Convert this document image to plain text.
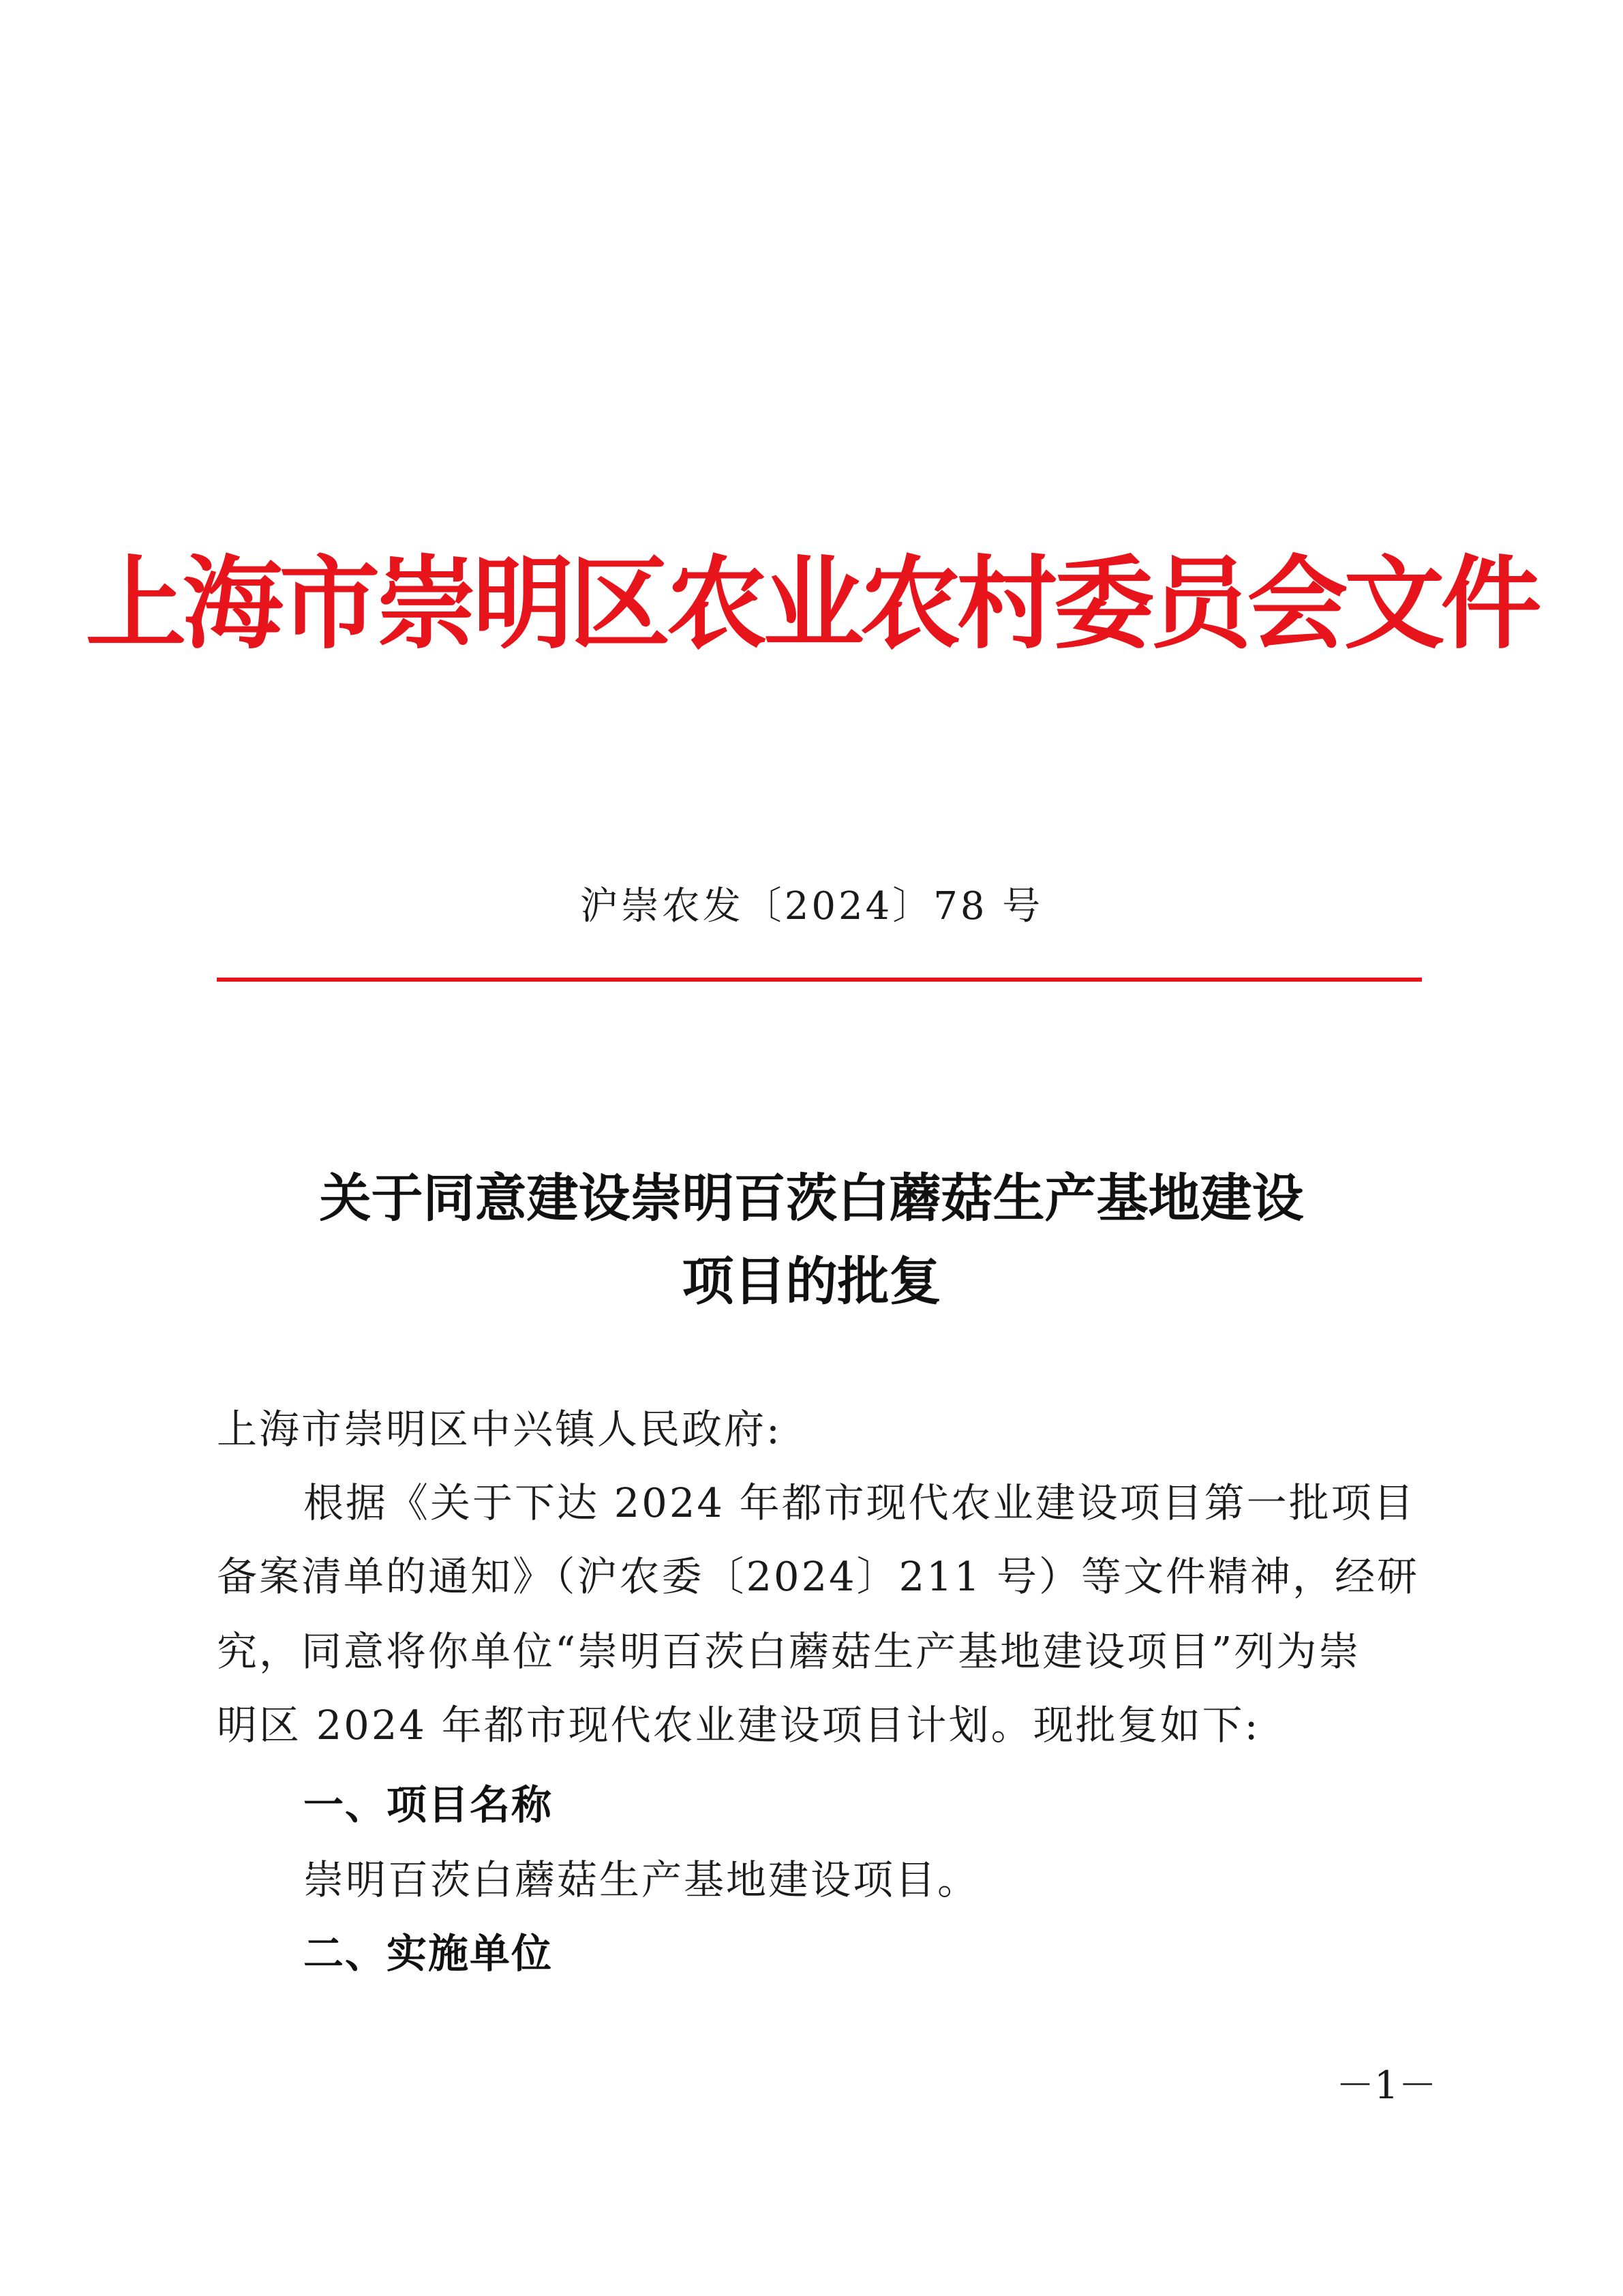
上海市崇明区农业农村委员会文件
沪崇农发〔2024〕78 号
关于同意建设崇明百茨白蘑菇生产基地建设
项目的批复
上海市崇明区中兴镇人民政府:
根据《关于下达 2024 年都市现代农业建设项目第一批项目
备案清单的通知》（沪农委〔2024〕211 号）等文件精神，经研
究，同意将你单位“崇明百茨白蘑菇生产基地建设项目”列为崇
明区 2024 年都市现代农业建设项目计划。现批复如下:
一、项目名称
崇明百茨白蘑菇生产基地建设项目。
二、实施单位
－1－
